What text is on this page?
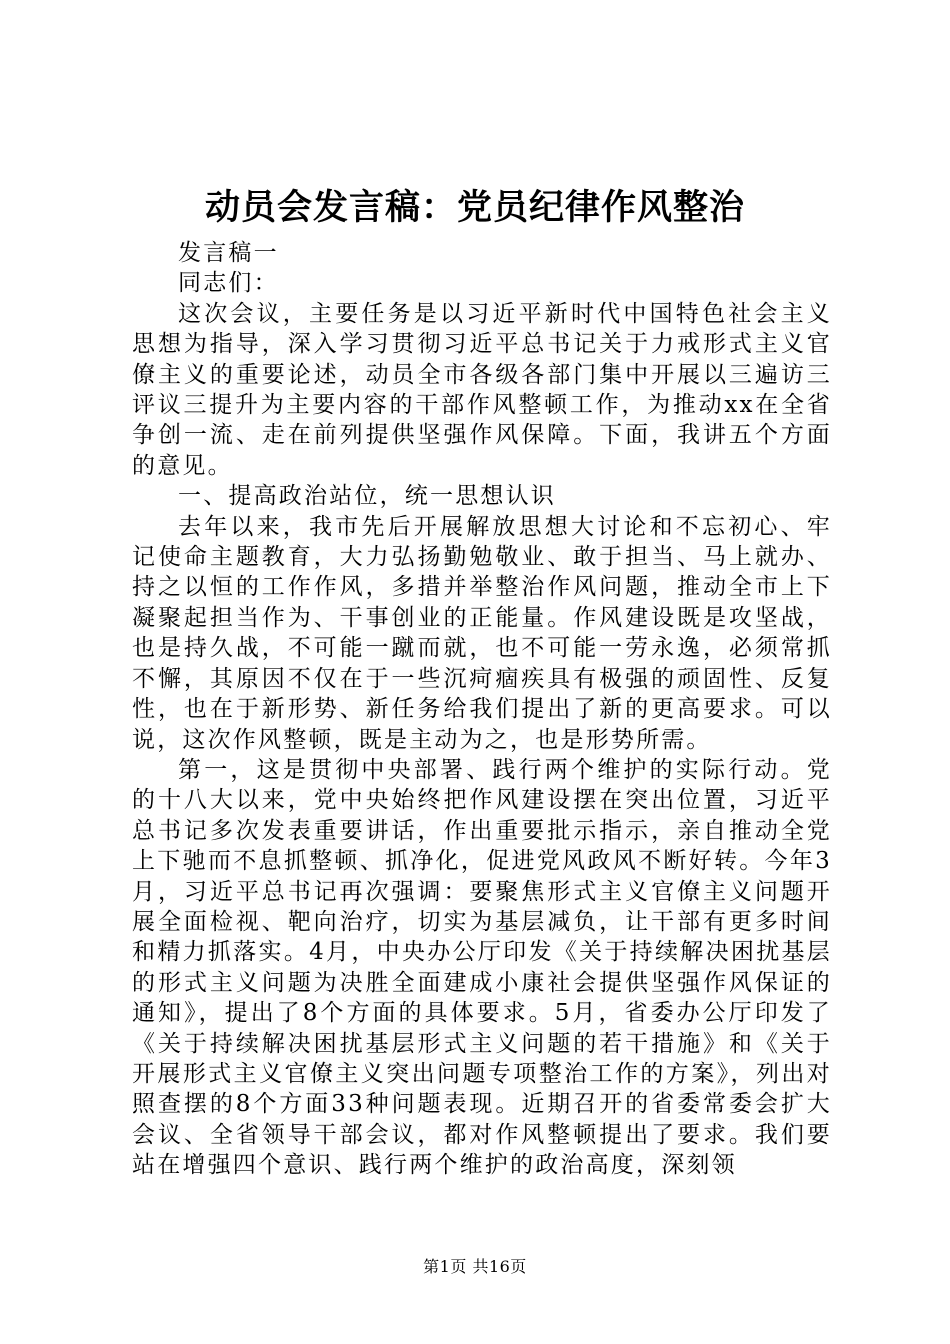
动员会发言稿：党员纪律作风整治

发言稿一

同志们：

这次会议，主要任务是以习近平新时代中国特色社会主义思想为指导，深入学习贯彻习近平总书记关于力戒形式主义官僚主义的重要论述，动员全市各级各部门集中开展以三遍访三评议三提升为主要内容的干部作风整顿工作，为推动xx在全省争创一流、走在前列提供坚强作风保障。下面，我讲五个方面的意见。

一、提高政治站位，统一思想认识

去年以来，我市先后开展解放思想大讨论和不忘初心、牢记使命主题教育，大力弘扬勤勉敬业、敢于担当、马上就办、持之以恒的工作作风，多措并举整治作风问题，推动全市上下凝聚起担当作为、干事创业的正能量。作风建设既是攻坚战，也是持久战，不可能一蹴而就，也不可能一劳永逸，必须常抓不懈，其原因不仅在于一些沉疴痼疾具有极强的顽固性、反复性，也在于新形势、新任务给我们提出了新的更高要求。可以说，这次作风整顿，既是主动为之，也是形势所需。

第一，这是贯彻中央部署、践行两个维护的实际行动。党的十八大以来，党中央始终把作风建设摆在突出位置，习近平总书记多次发表重要讲话，作出重要批示指示，亲自推动全党上下驰而不息抓整顿、抓净化，促进党风政风不断好转。今年3月，习近平总书记再次强调：要聚焦形式主义官僚主义问题开展全面检视、靶向治疗，切实为基层减负，让干部有更多时间和精力抓落实。4月，中央办公厅印发《关于持续解决困扰基层的形式主义问题为决胜全面建成小康社会提供坚强作风保证的通知》，提出了8个方面的具体要求。5月，省委办公厅印发了《关于持续解决困扰基层形式主义问题的若干措施》和《关于开展形式主义官僚主义突出问题专项整治工作的方案》，列出对照查摆的8个方面33种问题表现。近期召开的省委常委会扩大会议、全省领导干部会议，都对作风整顿提出了要求。我们要站在增强四个意识、践行两个维护的政治高度，深刻领

第1页 共16页
